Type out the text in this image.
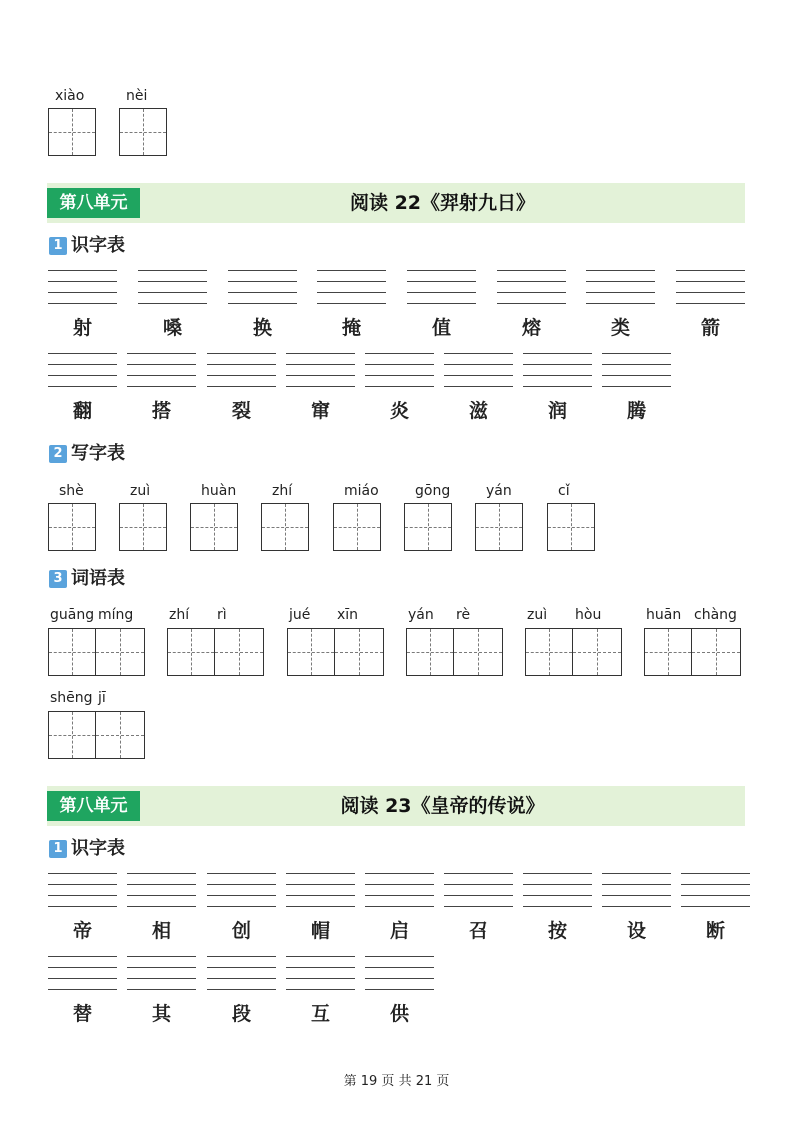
xiào	nèi
第八单元	阅读 22《羿射九日》
1 识字表
射	嗓	换	掩	值	熔	类	箭
翻	搭	裂	窜	炎	滋	润	腾
2 写字表
shè	zuì	huàn	zhí	miáo	gōng	yán	cǐ
3 词语表
guāng míng	zhí rì	jué xīn	yán rè	zuì hòu	huān chàng
shēng jī
第八单元	阅读 23《皇帝的传说》
1 识字表
帝	相	创	帽	启	召	按	设	断
替	其	段	互	供
第 19 页 共 21 页
